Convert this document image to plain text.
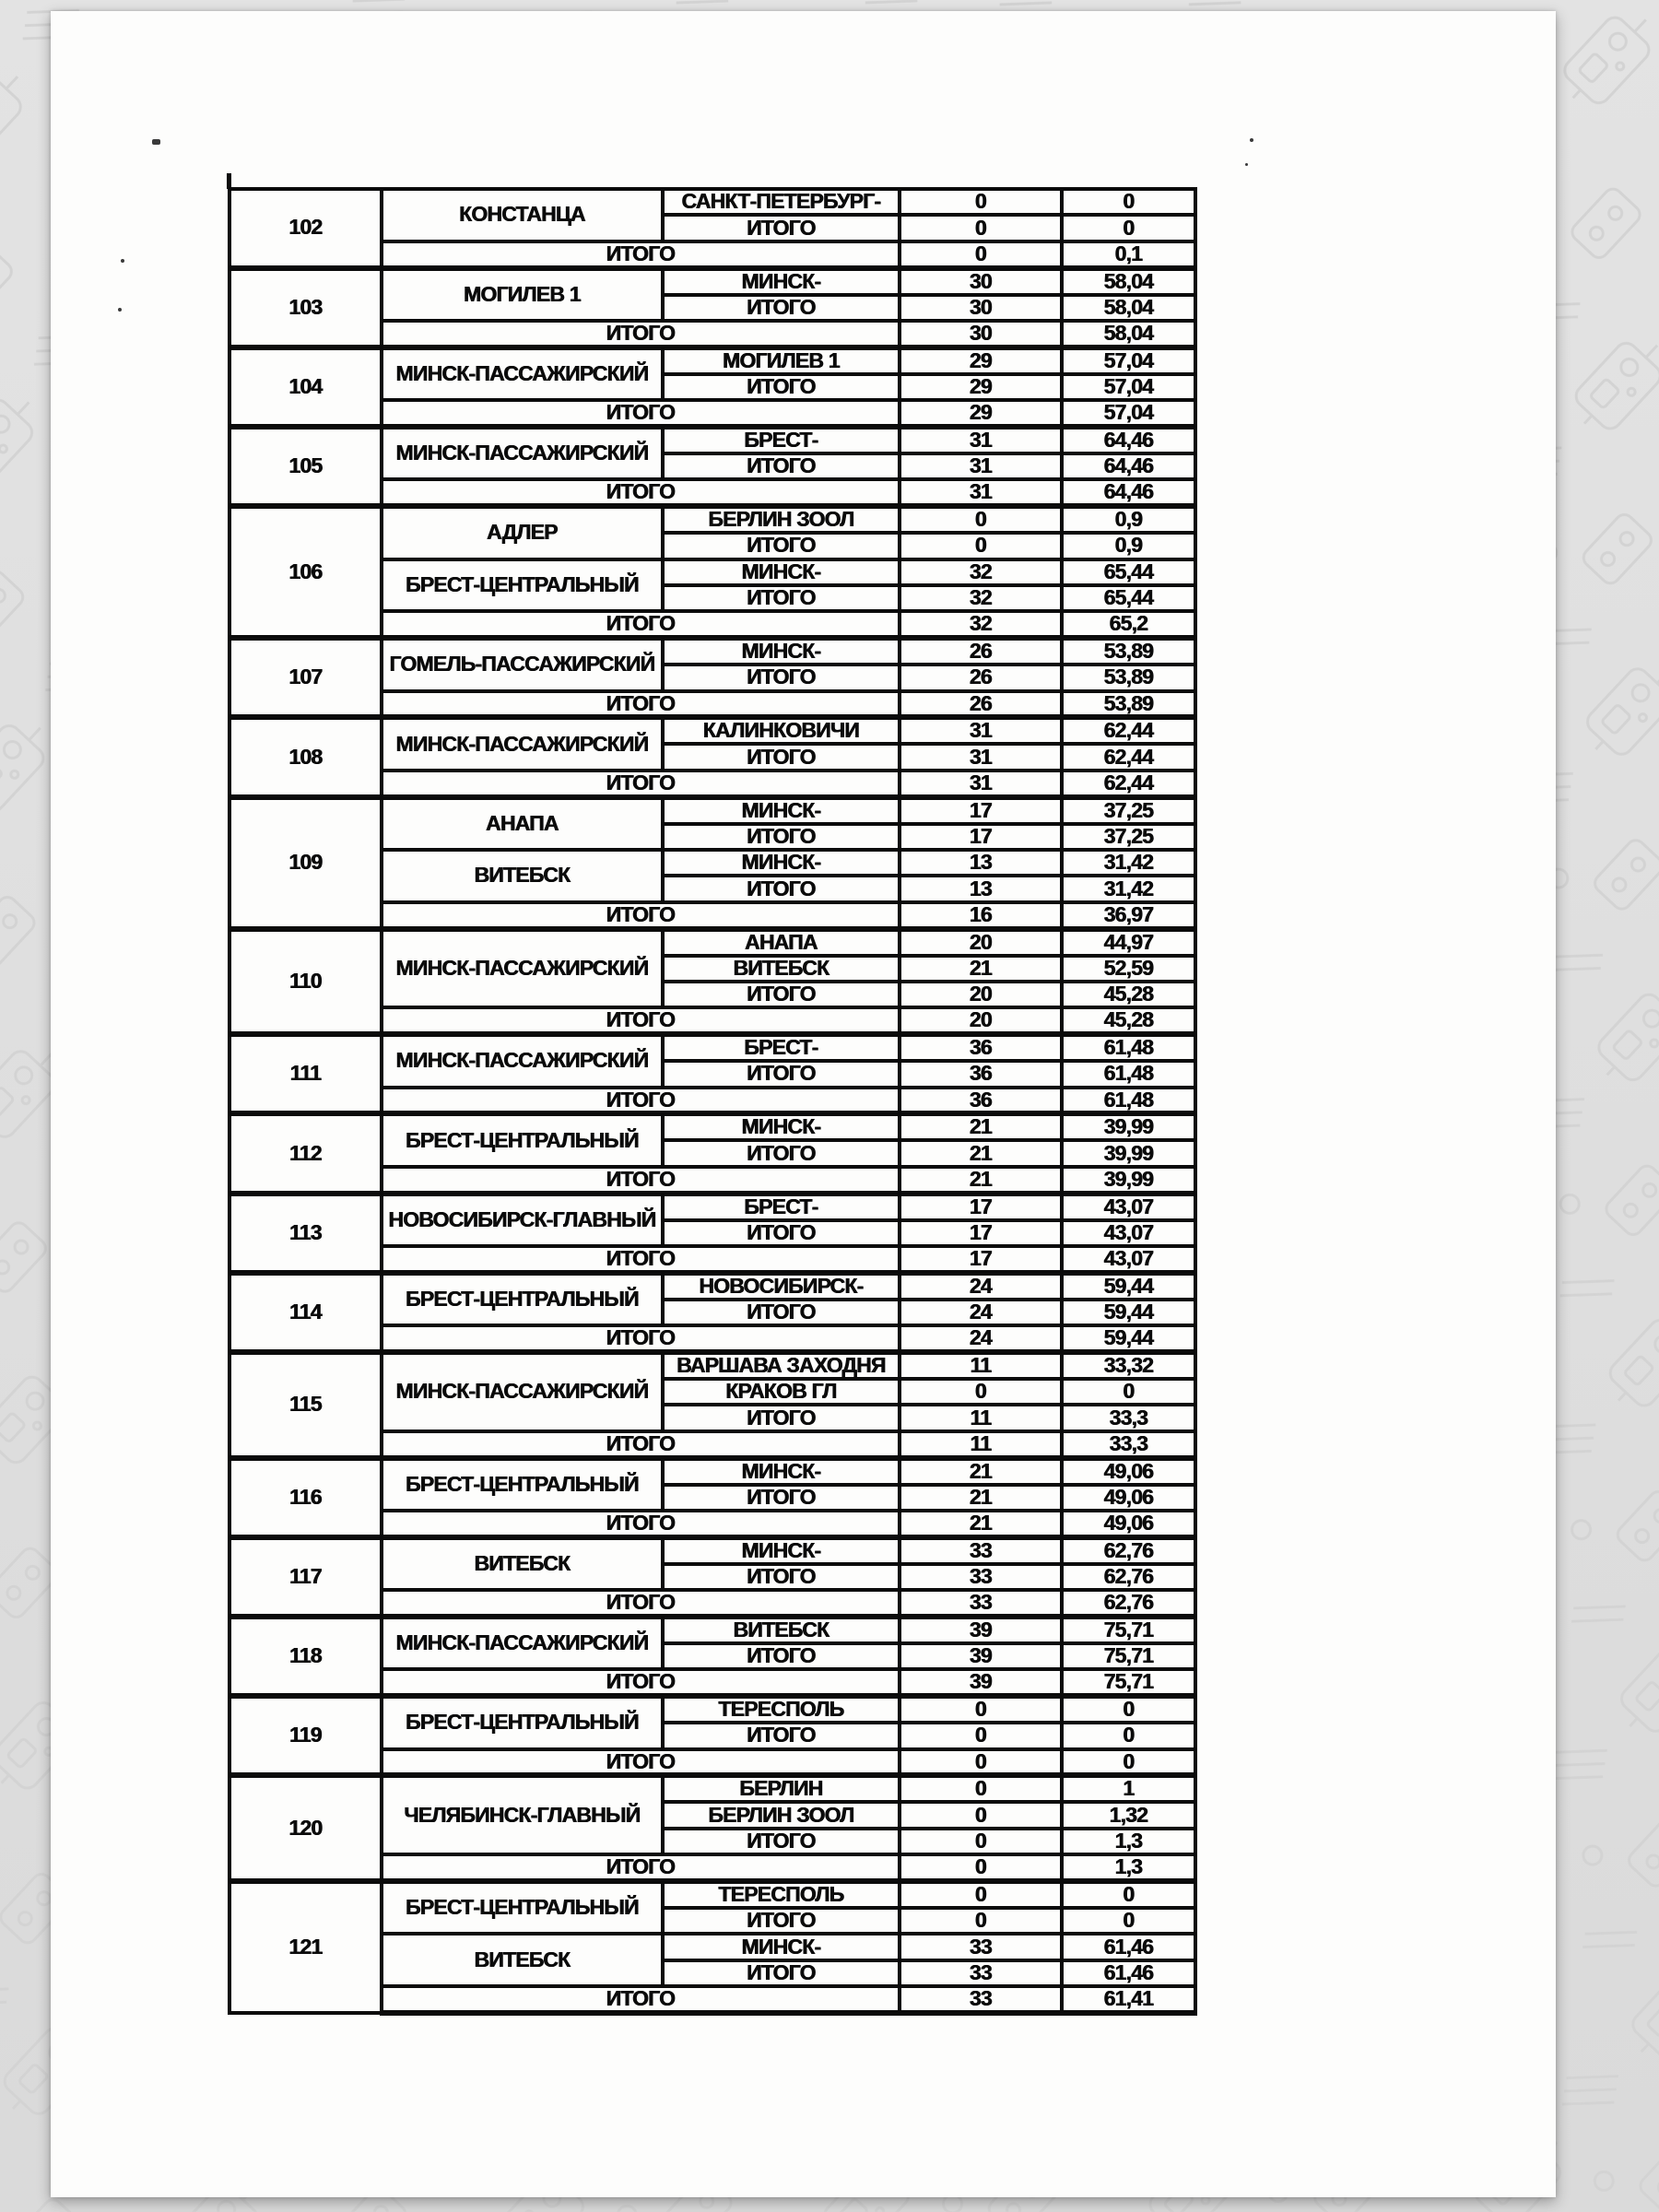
102	КОНСТАНЦА	САНКТ-ПЕТЕРБУРГ-	0	0
		ИТОГО	0	0
	ИТОГО		0	0,1
103	МОГИЛЕВ 1	МИНСК-	30	58,04
		ИТОГО	30	58,04
	ИТОГО		30	58,04
104	МИНСК-ПАССАЖИРСКИЙ	МОГИЛЕВ 1	29	57,04
		ИТОГО	29	57,04
	ИТОГО		29	57,04
105	МИНСК-ПАССАЖИРСКИЙ	БРЕСТ-	31	64,46
		ИТОГО	31	64,46
	ИТОГО		31	64,46
106	АДЛЕР	БЕРЛИН ЗООЛ	0	0,9
		ИТОГО	0	0,9
	БРЕСТ-ЦЕНТРАЛЬНЫЙ	МИНСК-	32	65,44
		ИТОГО	32	65,44
	ИТОГО		32	65,2
107	ГОМЕЛЬ-ПАССАЖИРСКИЙ	МИНСК-	26	53,89
		ИТОГО	26	53,89
	ИТОГО		26	53,89
108	МИНСК-ПАССАЖИРСКИЙ	КАЛИНКОВИЧИ	31	62,44
		ИТОГО	31	62,44
	ИТОГО		31	62,44
109	АНАПА	МИНСК-	17	37,25
		ИТОГО	17	37,25
	ВИТЕБСК	МИНСК-	13	31,42
		ИТОГО	13	31,42
	ИТОГО		16	36,97
110	МИНСК-ПАССАЖИРСКИЙ	АНАПА	20	44,97
		ВИТЕБСК	21	52,59
		ИТОГО	20	45,28
	ИТОГО		20	45,28
111	МИНСК-ПАССАЖИРСКИЙ	БРЕСТ-	36	61,48
		ИТОГО	36	61,48
	ИТОГО		36	61,48
112	БРЕСТ-ЦЕНТРАЛЬНЫЙ	МИНСК-	21	39,99
		ИТОГО	21	39,99
	ИТОГО		21	39,99
113	НОВОСИБИРСК-ГЛАВНЫЙ	БРЕСТ-	17	43,07
		ИТОГО	17	43,07
	ИТОГО		17	43,07
114	БРЕСТ-ЦЕНТРАЛЬНЫЙ	НОВОСИБИРСК-	24	59,44
		ИТОГО	24	59,44
	ИТОГО		24	59,44
115	МИНСК-ПАССАЖИРСКИЙ	ВАРШАВА ЗАХОДНЯ	11	33,32
		КРАКОВ ГЛ	0	0
		ИТОГО	11	33,3
	ИТОГО		11	33,3
116	БРЕСТ-ЦЕНТРАЛЬНЫЙ	МИНСК-	21	49,06
		ИТОГО	21	49,06
	ИТОГО		21	49,06
117	ВИТЕБСК	МИНСК-	33	62,76
		ИТОГО	33	62,76
	ИТОГО		33	62,76
118	МИНСК-ПАССАЖИРСКИЙ	ВИТЕБСК	39	75,71
		ИТОГО	39	75,71
	ИТОГО		39	75,71
119	БРЕСТ-ЦЕНТРАЛЬНЫЙ	ТЕРЕСПОЛЬ	0	0
		ИТОГО	0	0
	ИТОГО		0	0
120	ЧЕЛЯБИНСК-ГЛАВНЫЙ	БЕРЛИН	0	1
		БЕРЛИН ЗООЛ	0	1,32
		ИТОГО	0	1,3
	ИТОГО		0	1,3
121	БРЕСТ-ЦЕНТРАЛЬНЫЙ	ТЕРЕСПОЛЬ	0	0
		ИТОГО	0	0
	ВИТЕБСК	МИНСК-	33	61,46
		ИТОГО	33	61,46
	ИТОГО		33	61,41
